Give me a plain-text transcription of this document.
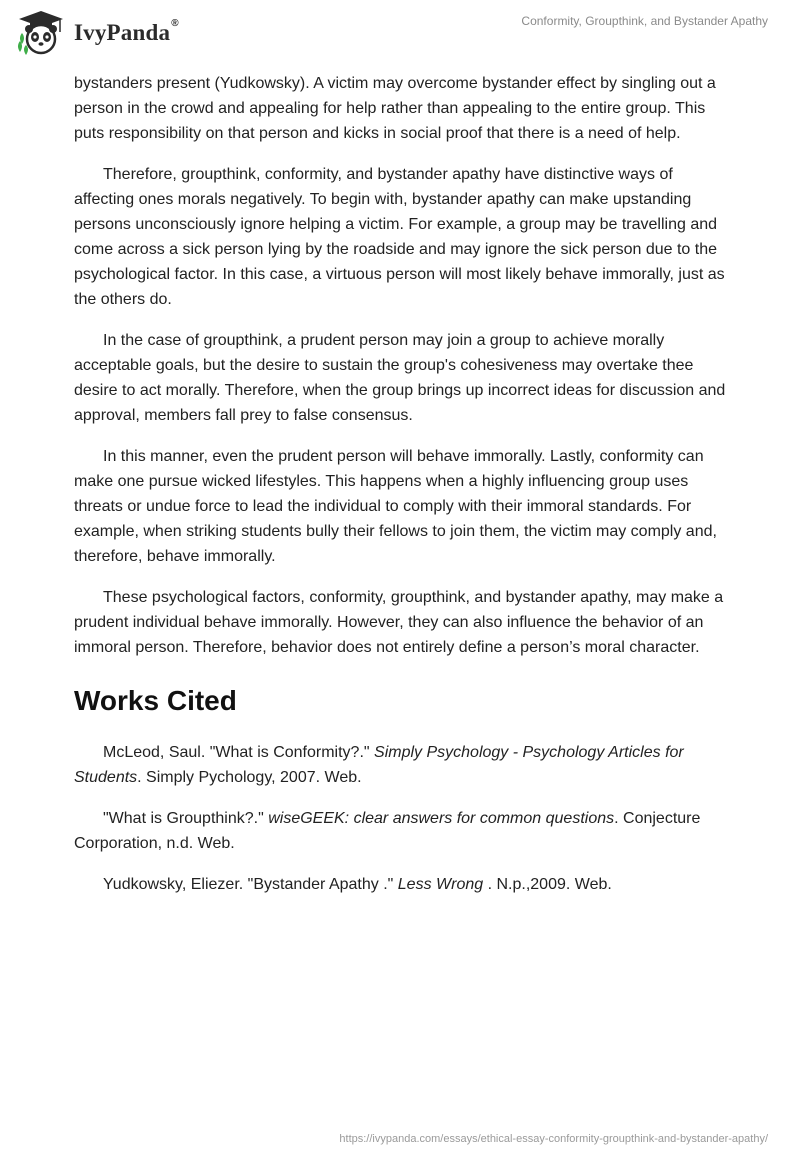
IvyPanda®	Conformity, Groupthink, and Bystander Apathy

bystanders present (Yudkowsky). A victim may overcome bystander effect by singling out a person in the crowd and appealing for help rather than appealing to the entire group. This puts responsibility on that person and kicks in social proof that there is a need of help.

Therefore, groupthink, conformity, and bystander apathy have distinctive ways of affecting ones morals negatively. To begin with, bystander apathy can make upstanding persons unconsciously ignore helping a victim. For example, a group may be travelling and come across a sick person lying by the roadside and may ignore the sick person due to the psychological factor. In this case, a virtuous person will most likely behave immorally, just as the others do.

In the case of groupthink, a prudent person may join a group to achieve morally acceptable goals, but the desire to sustain the group's cohesiveness may overtake thee desire to act morally. Therefore, when the group brings up incorrect ideas for discussion and approval, members fall prey to false consensus.

In this manner, even the prudent person will behave immorally. Lastly, conformity can make one pursue wicked lifestyles. This happens when a highly influencing group uses threats or undue force to lead the individual to comply with their immoral standards. For example, when striking students bully their fellows to join them, the victim may comply and, therefore, behave immorally.

These psychological factors, conformity, groupthink, and bystander apathy, may make a prudent individual behave immorally. However, they can also influence the behavior of an immoral person. Therefore, behavior does not entirely define a person’s moral character.

Works Cited

McLeod, Saul. "What is Conformity?." Simply Psychology - Psychology Articles for Students. Simply Pychology, 2007. Web.

"What is Groupthink?." wiseGEEK: clear answers for common questions. Conjecture Corporation, n.d. Web.

Yudkowsky, Eliezer. "Bystander Apathy ." Less Wrong . N.p.,2009. Web.

https://ivypanda.com/essays/ethical-essay-conformity-groupthink-and-bystander-apathy/
